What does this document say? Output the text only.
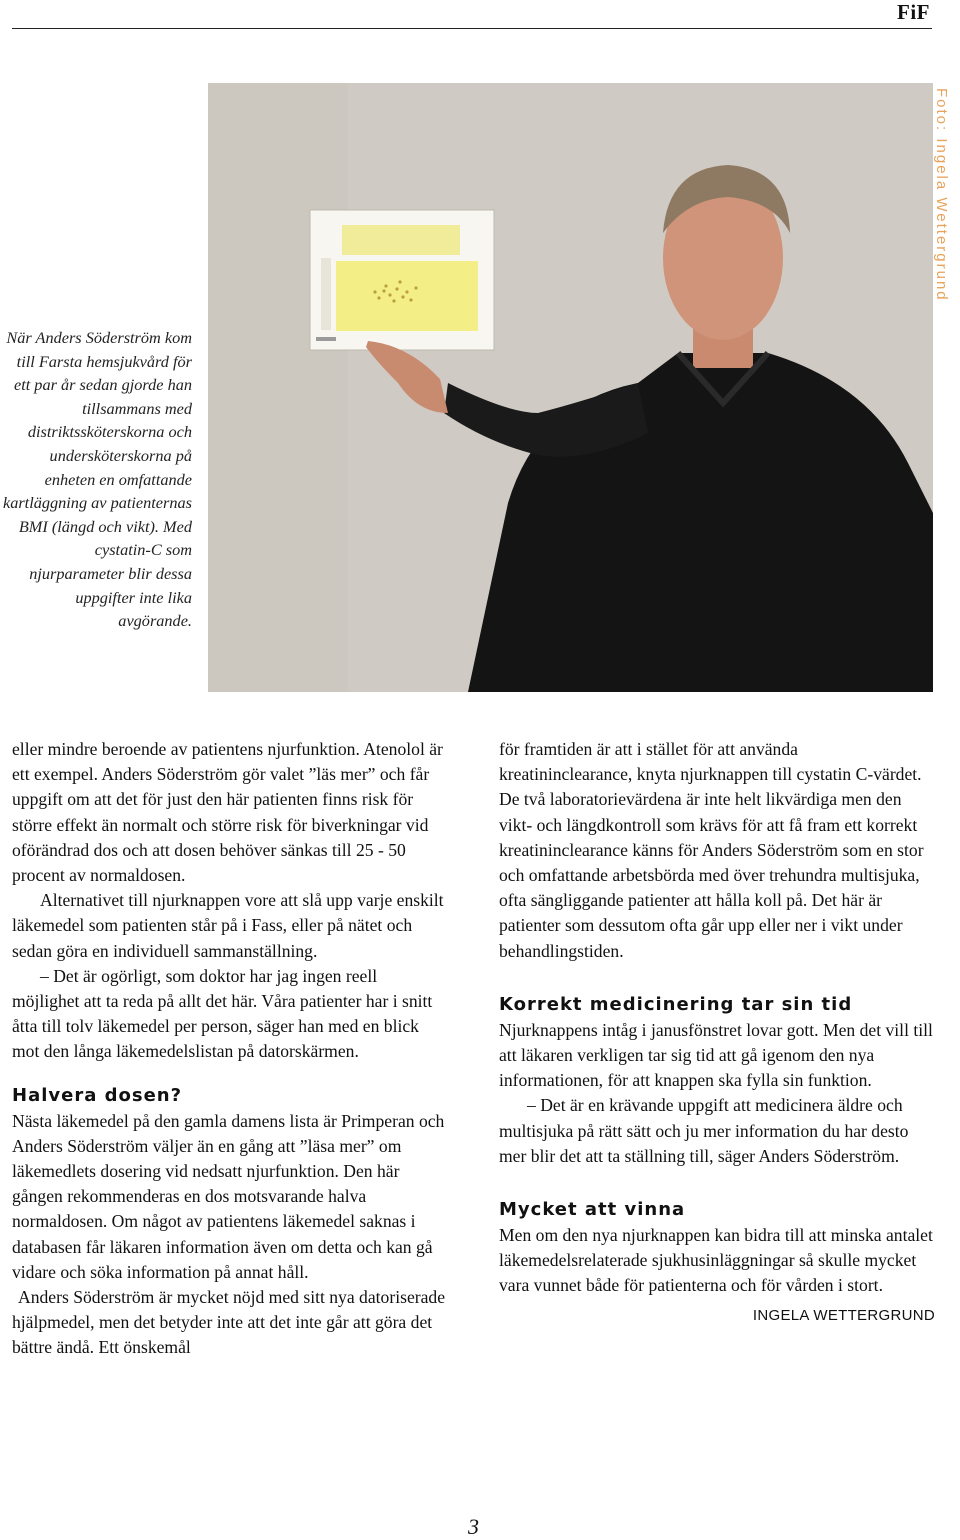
FiF
När Anders Söderström kom till Farsta hemsjukvård för ett par år sedan gjorde han tillsammans med distriktssköterskorna och undersköterskorna på enheten en omfattande kartläggning av patienternas BMI (längd och vikt). Med cystatin-C som njurparameter blir dessa uppgifter inte lika avgörande.
Foto: Ingela Wettergrund

eller mindre beroende av patientens njurfunktion. Atenolol är ett exempel. Anders Söderström gör valet ”läs mer” och får uppgift om att det för just den här patienten finns risk för större effekt än normalt och större risk för biverkningar vid oförändrad dos och att dosen behöver sänkas till 25 - 50 procent av normaldosen.

Alternativet till njurknappen vore att slå upp varje enskilt läkemedel som patienten står på i Fass, eller på nätet och sedan göra en individuell sammanställning.

– Det är ogörligt, som doktor har jag ingen reell möjlighet att ta reda på allt det här. Våra patienter har i snitt åtta till tolv läkemedel per person, säger han med en blick mot den långa läkemedelslistan på datorskärmen.

Halvera dosen?

Nästa läkemedel på den gamla damens lista är Primperan och Anders Söderström väljer än en gång att ”läsa mer” om läkemedlets dosering vid nedsatt njurfunktion. Den här gången rekommenderas en dos motsvarande halva normaldosen. Om något av patientens läkemedel saknas i databasen får läkaren information även om detta och kan gå vidare och söka information på annat håll.

Anders Söderström är mycket nöjd med sitt nya datoriserade hjälpmedel, men det betyder inte att det inte går att göra det bättre ändå. Ett önskemål

för framtiden är att i stället för att använda kreatininclearance, knyta njurknappen till cystatin C-värdet. De två laboratorievärdena är inte helt likvärdiga men den vikt- och längdkontroll som krävs för att få fram ett korrekt kreatininclearance känns för Anders Söderström som en stor och omfattande arbetsbörda med över trehundra multisjuka, ofta sängliggande patienter att hålla koll på. Det här är patienter som dessutom ofta går upp eller ner i vikt under behandlingstiden.

Korrekt medicinering tar sin tid

Njurknappens intåg i janusfönstret lovar gott. Men det vill till att läkaren verkligen tar sig tid att gå igenom den nya informationen, för att knappen ska fylla sin funktion.

– Det är en krävande uppgift att medicinera äldre och multisjuka på rätt sätt och ju mer information du har desto mer blir det att ta ställning till, säger Anders Söderström.

Mycket att vinna

Men om den nya njurknappen kan bidra till att minska antalet läkemedelsrelaterade sjukhusinläggningar så skulle mycket vara vunnet både för patienterna och för vården i stort.

INGELA WETTERGRUND
3
